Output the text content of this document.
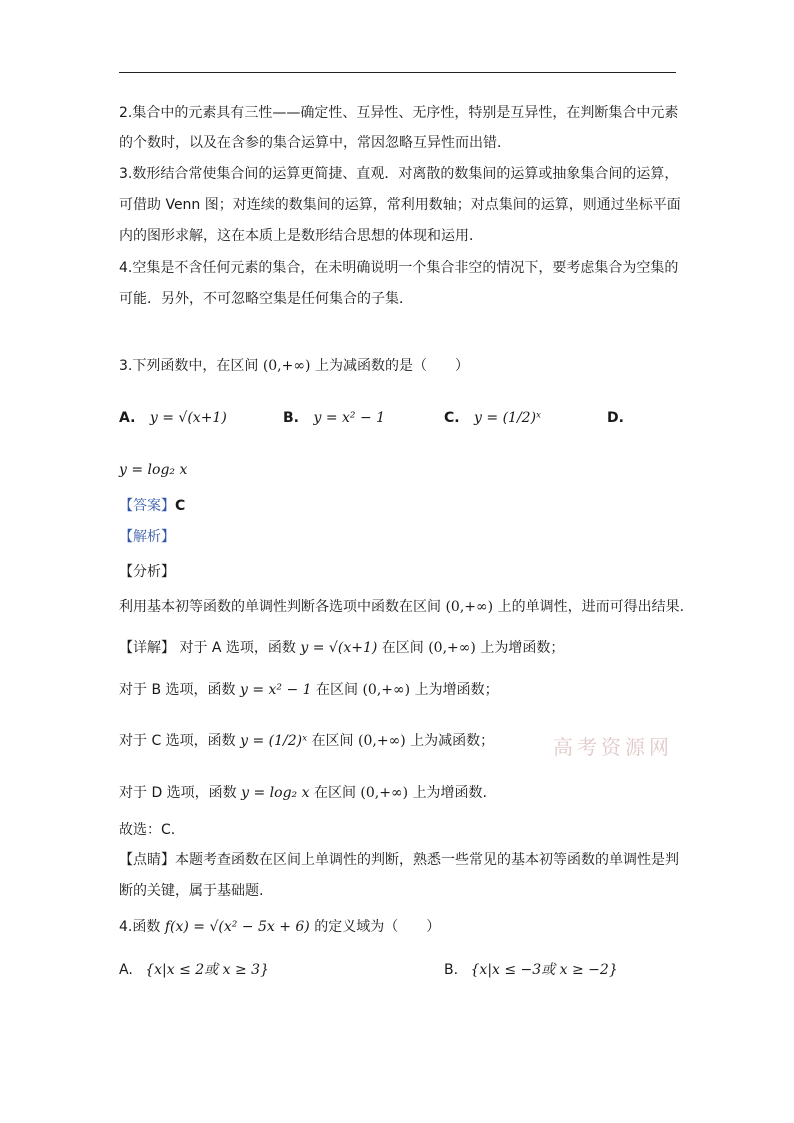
2.集合中的元素具有三性——确定性、互异性、无序性，特别是互异性，在判断集合中元素
的个数时，以及在含参的集合运算中，常因忽略互异性而出错．
3.数形结合常使集合间的运算更简捷、直观．对离散的数集间的运算或抽象集合间的运算，
可借助 Venn 图；对连续的数集间的运算，常利用数轴；对点集间的运算，则通过坐标平面
内的图形求解，这在本质上是数形结合思想的体现和运用．
4.空集是不含任何元素的集合，在未明确说明一个集合非空的情况下，要考虑集合为空集的
可能．另外，不可忽略空集是任何集合的子集．
3.下列函数中，在区间 (0,+∞) 上为减函数的是（　　）
A. y = √(x+1)	B. y = x² − 1	C. y = (1/2)ˣ	D.
y = log₂ x
【答案】C
【解析】
【分析】
利用基本初等函数的单调性判断各选项中函数在区间 (0,+∞) 上的单调性，进而可得出结果.
【详解】 对于 A 选项，函数 y = √(x+1) 在区间 (0,+∞) 上为增函数；
对于 B 选项，函数 y = x² − 1 在区间 (0,+∞) 上为增函数；
对于 C 选项，函数 y = (1/2)ˣ 在区间 (0,+∞) 上为减函数；	高考资源网
对于 D 选项，函数 y = log₂ x 在区间 (0,+∞) 上为增函数.
故选：C.
【点睛】本题考查函数在区间上单调性的判断，熟悉一些常见的基本初等函数的单调性是判
断的关键，属于基础题.
4.函数 f(x) = √(x² − 5x + 6) 的定义域为（　　）
A. {x|x ≤ 2或 x ≥ 3}	B. {x|x ≤ −3或 x ≥ −2}
